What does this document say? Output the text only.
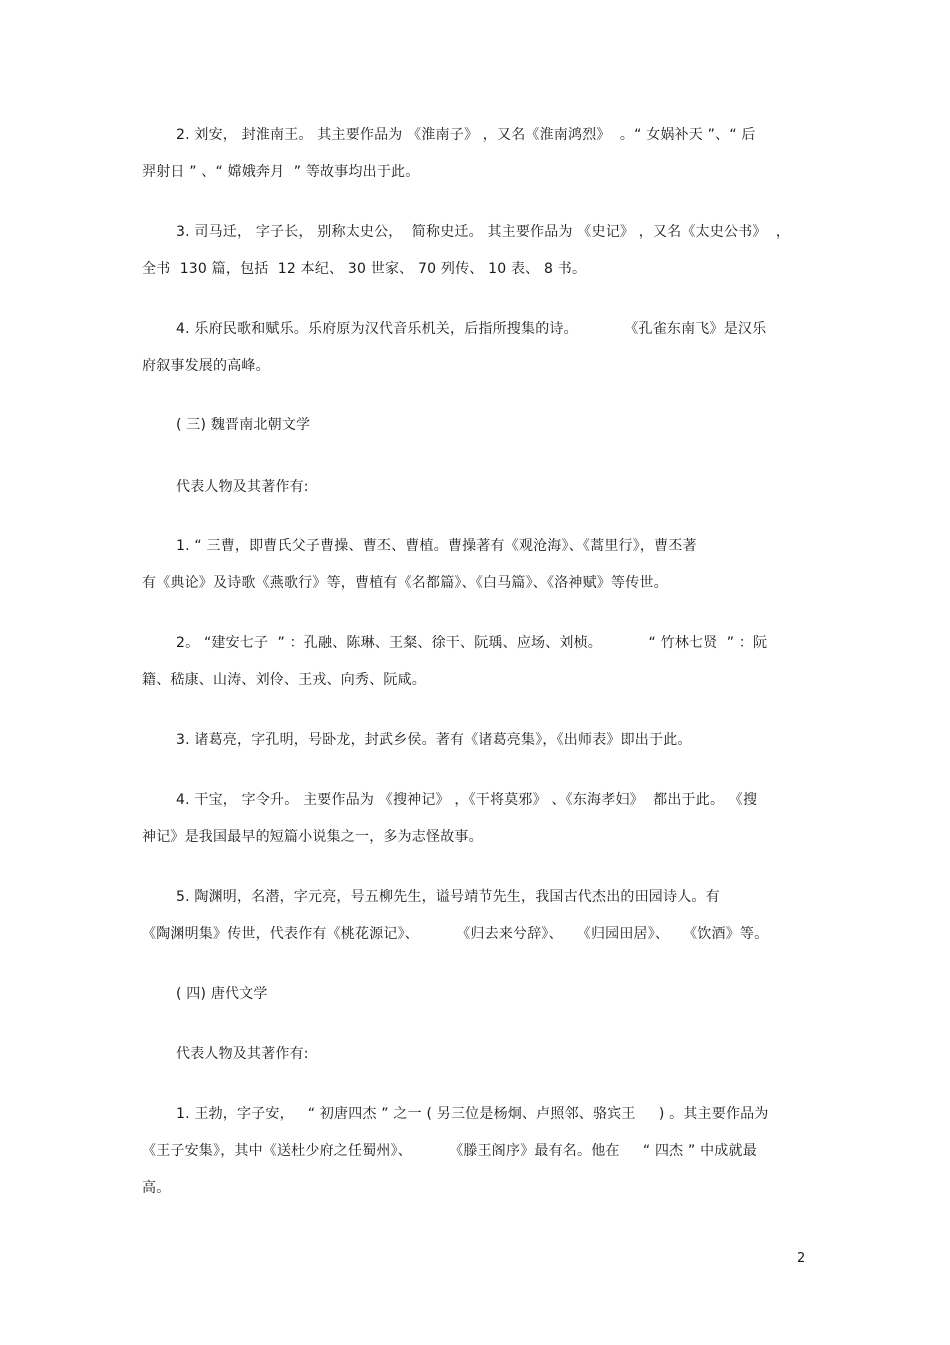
2. 刘安， 封淮南王。 其主要作品为 《淮南子》 ，又名《淮南鸿烈》  。“ 女娲补天 ”、“ 后
羿射日 ” 、“ 嫦娥奔月  ” 等故事均出于此。
3. 司马迁， 字子长， 别称太史公，  简称史迁。 其主要作品为 《史记》 ，又名《太史公书》  ，
全书  130 篇，包括  12 本纪、 30 世家、 70 列传、 10 表、 8 书。
4. 乐府民歌和赋乐。乐府原为汉代音乐机关，后指所搜集的诗。          《孔雀东南飞》是汉乐
府叙事发展的高峰。
( 三) 魏晋南北朝文学
代表人物及其著作有:
1. “ 三曹，即曹氏父子曹操、曹丕、曹植。曹操著有《观沧海》、《蒿里行》，曹丕著
有《典论》及诗歌《燕歌行》等，曹植有《名都篇》、《白马篇》、《洛神赋》等传世。
2。 “建安七子  ” ：孔融、陈琳、王粲、徐干、阮瑀、应场、刘桢。          “ 竹林七贤  ” ：阮
籍、嵇康、山涛、刘伶、王戎、向秀、阮咸。
3. 诸葛亮，字孔明，号卧龙，封武乡侯。著有《诸葛亮集》，《出师表》即出于此。
4. 干宝， 字令升。 主要作品为 《搜神记》 ，《干将莫邪》 、《东海孝妇》  都出于此。 《搜
神记》是我国最早的短篇小说集之一，多为志怪故事。
5. 陶渊明，名潜，字元亮，号五柳先生，谥号靖节先生，我国古代杰出的田园诗人。有
《陶渊明集》传世，代表作有《桃花源记》、        《归去来兮辞》、   《归园田居》、   《饮酒》等。
( 四) 唐代文学
代表人物及其著作有:
1. 王勃，字子安，   “ 初唐四杰 ” 之一 ( 另三位是杨炯、卢照邻、骆宾王     ) 。其主要作品为
《王子安集》，其中《送杜少府之任蜀州》、        《滕王阁序》最有名。他在     “ 四杰 ” 中成就最
高。
2
